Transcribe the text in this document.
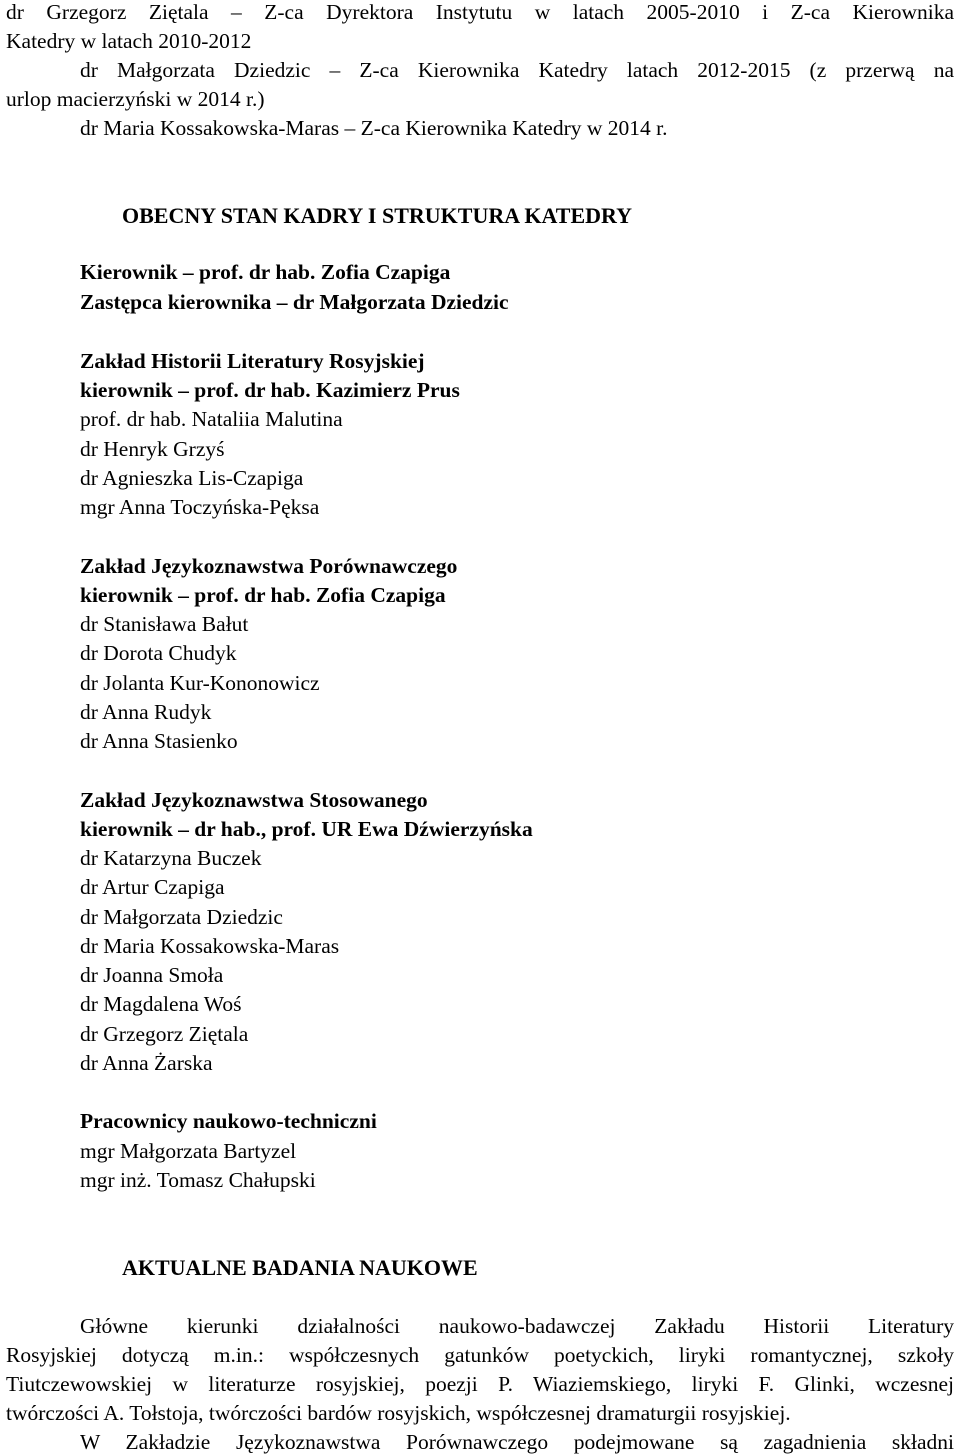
dr Grzegorz Ziętala – Z-ca Dyrektora Instytutu w latach 2005-2010 i Z-ca Kierownika
Katedry w latach 2010-2012
dr Małgorzata Dziedzic – Z-ca Kierownika Katedry latach 2012-2015 (z przerwą na
urlop macierzyński w 2014 r.)
dr Maria Kossakowska-Maras – Z-ca Kierownika Katedry w 2014 r.
OBECNY STAN KADRY I STRUKTURA KATEDRY
Kierownik – prof. dr hab. Zofia Czapiga
Zastępca kierownika – dr Małgorzata Dziedzic
Zakład Historii Literatury Rosyjskiej
kierownik – prof. dr hab. Kazimierz Prus
prof. dr hab. Nataliia Malutina
dr Henryk Grzyś
dr Agnieszka Lis-Czapiga
mgr Anna Toczyńska-Pęksa
Zakład Językoznawstwa Porównawczego
kierownik – prof. dr hab. Zofia Czapiga
dr Stanisława Bałut
dr Dorota Chudyk
dr Jolanta Kur-Kononowicz
dr Anna Rudyk
dr Anna Stasienko
Zakład Językoznawstwa Stosowanego
kierownik – dr hab., prof. UR Ewa Dźwierzyńska
dr Katarzyna Buczek
dr Artur Czapiga
dr Małgorzata Dziedzic
dr Maria Kossakowska-Maras
dr Joanna Smoła
dr Magdalena Woś
dr Grzegorz Ziętala
dr Anna Żarska
Pracownicy naukowo-techniczni
mgr Małgorzata Bartyzel
mgr inż. Tomasz Chałupski
AKTUALNE BADANIA NAUKOWE
Główne kierunki działalności naukowo-badawczej Zakładu Historii Literatury
Rosyjskiej dotyczą m.in.: współczesnych gatunków poetyckich, liryki romantycznej, szkoły
Tiutczewowskiej w literaturze rosyjskiej, poezji P. Wiaziemskiego, liryki F. Glinki, wczesnej
twórczości A. Tołstoja, twórczości bardów rosyjskich, współczesnej dramaturgii rosyjskiej.
W Zakładzie Językoznawstwa Porównawczego podejmowane są zagadnienia składni
